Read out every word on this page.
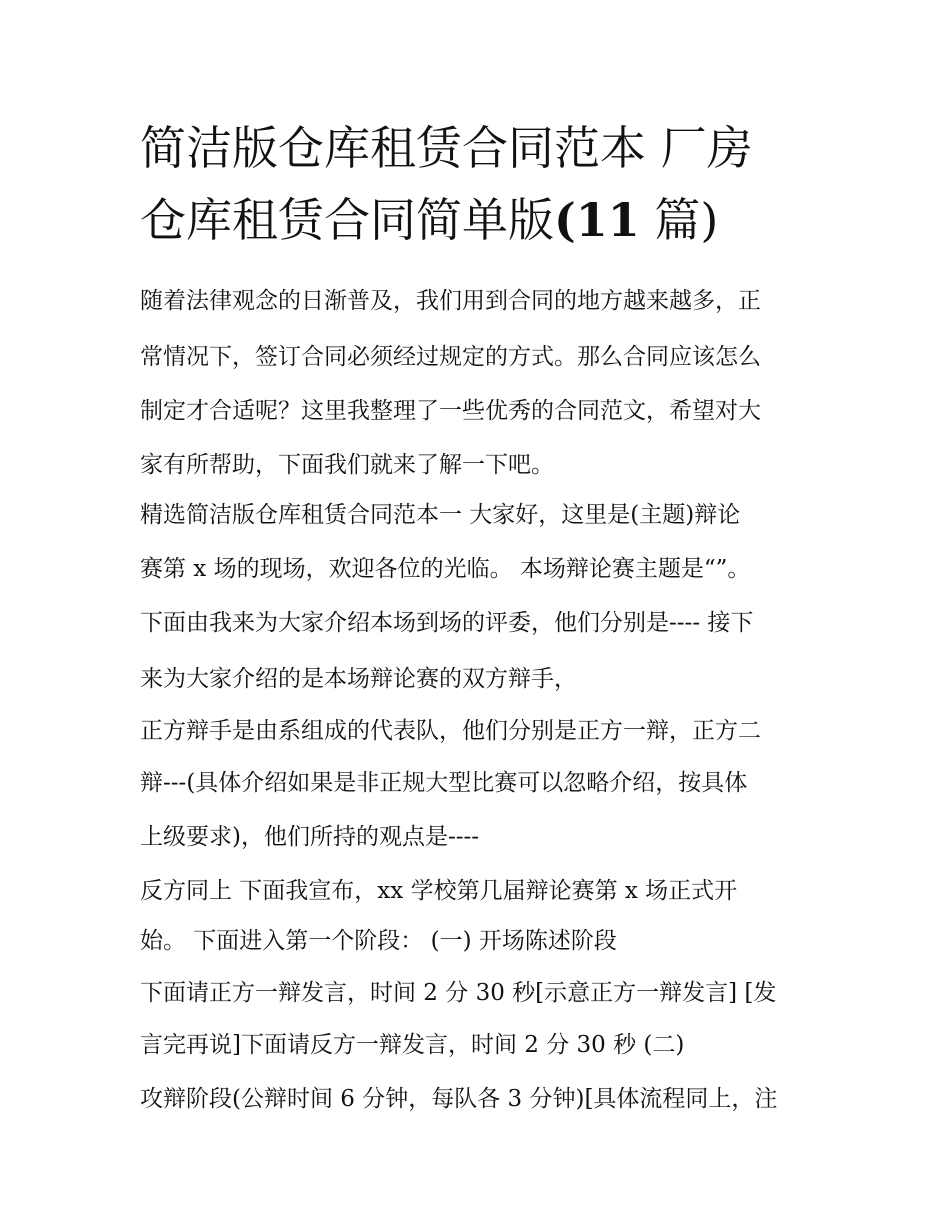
简洁版仓库租赁合同范本 厂房
仓库租赁合同简单版(11 篇)
随着法律观念的日渐普及，我们用到合同的地方越来越多，正
常情况下，签订合同必须经过规定的方式。那么合同应该怎么
制定才合适呢？这里我整理了一些优秀的合同范文，希望对大
家有所帮助，下面我们就来了解一下吧。
精选简洁版仓库租赁合同范本一 大家好，这里是(主题)辩论
赛第 x 场的现场，欢迎各位的光临。 本场辩论赛主题是“”。
下面由我来为大家介绍本场到场的评委，他们分别是---- 接下
来为大家介绍的是本场辩论赛的双方辩手，
正方辩手是由系组成的代表队，他们分别是正方一辩，正方二
辩---(具体介绍如果是非正规大型比赛可以忽略介绍，按具体
上级要求)，他们所持的观点是----
反方同上 下面我宣布，xx 学校第几届辩论赛第 x 场正式开
始。 下面进入第一个阶段： (一) 开场陈述阶段
下面请正方一辩发言，时间 2 分 30 秒[示意正方一辩发言] [发
言完再说]下面请反方一辩发言，时间 2 分 30 秒 (二)
攻辩阶段(公辩时间 6 分钟，每队各 3 分钟)[具体流程同上，注
